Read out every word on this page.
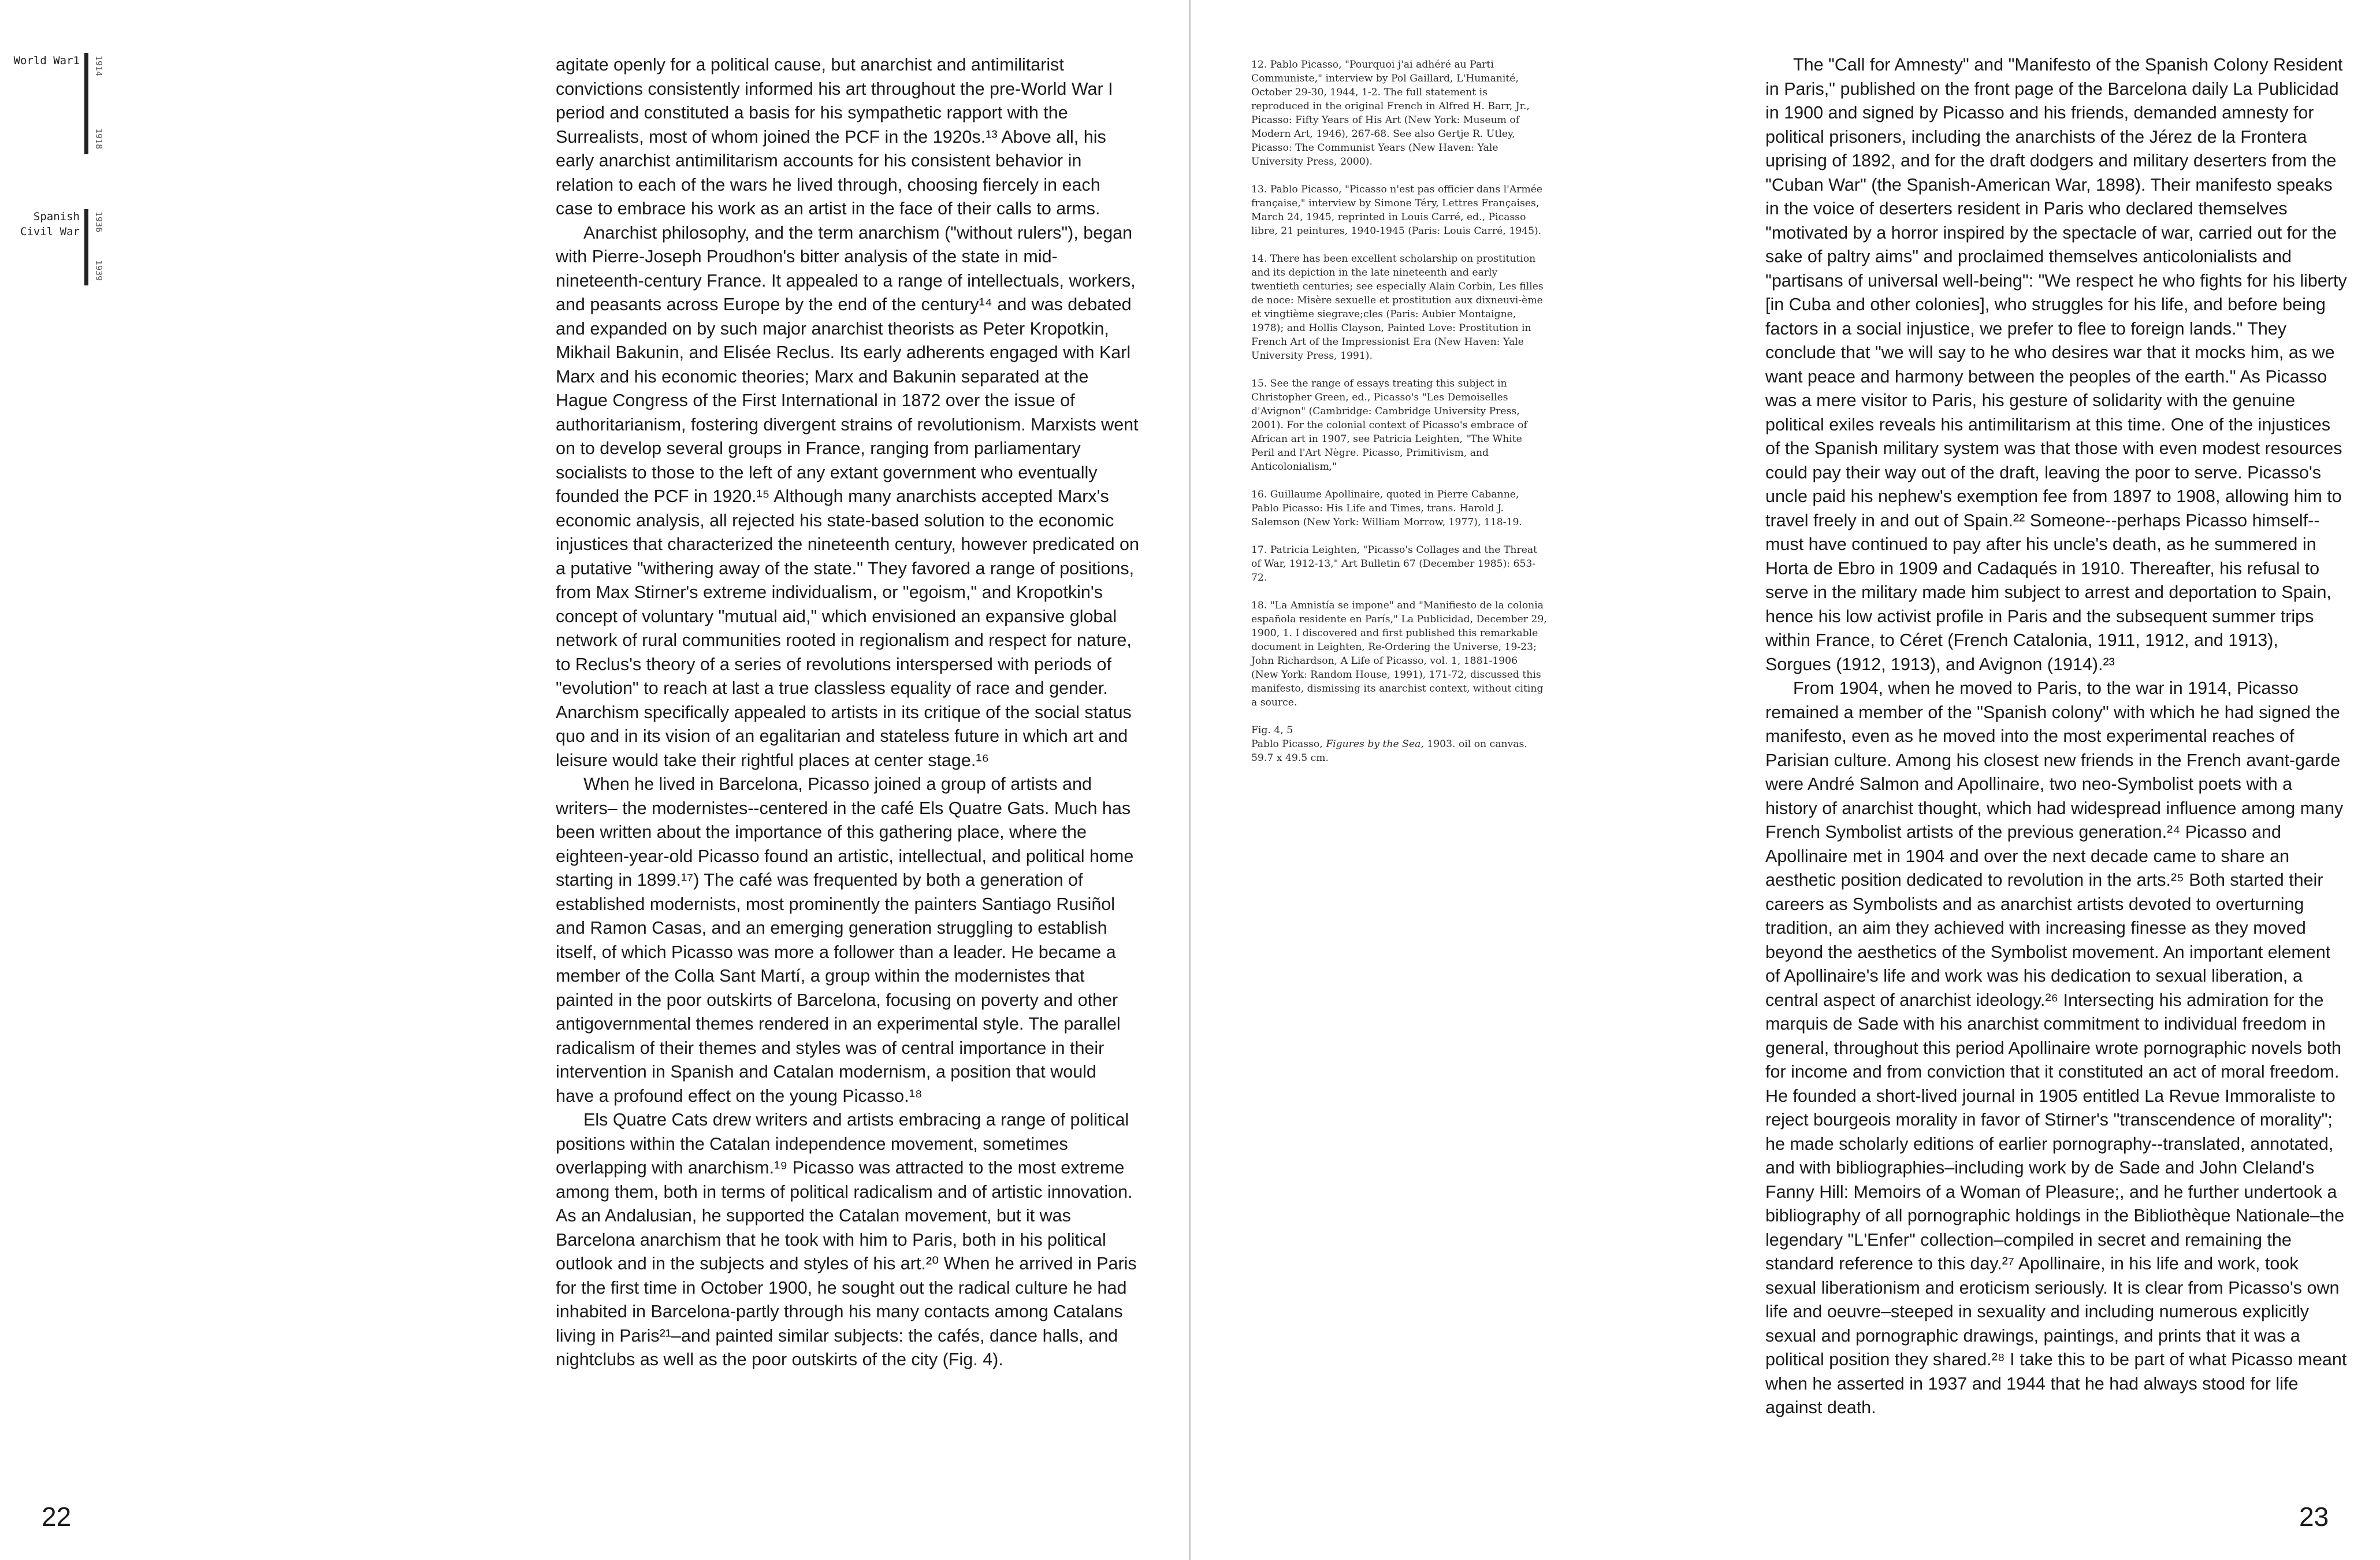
World War1 1914
1918
Spanish Civil War 1936
1939

agitate openly for a political cause, but anarchist and antimilitarist convictions consistently informed his art throughout the pre-World War I period and constituted a basis for his sympathetic rapport with the Surrealists, most of whom joined the PCF in the 1920s.¹³ Above all, his early anarchist antimilitarism accounts for his consistent behavior in relation to each of the wars he lived through, choosing fiercely in each case to embrace his work as an artist in the face of their calls to arms.

Anarchist philosophy, and the term anarchism ("without rulers"), began with Pierre-Joseph Proudhon's bitter analysis of the state in mid-nineteenth-century France. It appealed to a range of intellectuals, workers, and peasants across Europe by the end of the century¹⁴ and was debated and expanded on by such major anarchist theorists as Peter Kropotkin, Mikhail Bakunin, and Elisée Reclus. Its early adherents engaged with Karl Marx and his economic theories; Marx and Bakunin separated at the Hague Congress of the First International in 1872 over the issue of authoritarianism, fostering divergent strains of revolutionism. Marxists went on to develop several groups in France, ranging from parliamentary socialists to those to the left of any extant government who eventually founded the PCF in 1920.¹⁵ Although many anarchists accepted Marx's economic analysis, all rejected his state-based solution to the economic injustices that characterized the nineteenth century, however predicated on a putative "withering away of the state." They favored a range of positions, from Max Stirner's extreme individualism, or "egoism," and Kropotkin's concept of voluntary "mutual aid," which envisioned an expansive global network of rural communities rooted in regionalism and respect for nature, to Reclus's theory of a series of revolutions interspersed with periods of "evolution" to reach at last a true classless equality of race and gender. Anarchism specifically appealed to artists in its critique of the social status quo and in its vision of an egalitarian and stateless future in which art and leisure would take their rightful places at center stage.¹⁶

When he lived in Barcelona, Picasso joined a group of artists and writers– the modernistes--centered in the café Els Quatre Gats. Much has been written about the importance of this gathering place, where the eighteen-year-old Picasso found an artistic, intellectual, and political home starting in 1899.¹⁷) The café was frequented by both a generation of established modernists, most prominently the painters Santiago Rusiñol and Ramon Casas, and an emerging generation struggling to establish itself, of which Picasso was more a follower than a leader. He became a member of the Colla Sant Martí, a group within the modernistes that painted in the poor outskirts of Barcelona, focusing on poverty and other antigovernmental themes rendered in an experimental style. The parallel radicalism of their themes and styles was of central importance in their intervention in Spanish and Catalan modernism, a position that would have a profound effect on the young Picasso.¹⁸

Els Quatre Cats drew writers and artists embracing a range of political positions within the Catalan independence movement, sometimes overlapping with anarchism.¹⁹ Picasso was attracted to the most extreme among them, both in terms of political radicalism and of artistic innovation. As an Andalusian, he supported the Catalan movement, but it was Barcelona anarchism that he took with him to Paris, both in his political outlook and in the subjects and styles of his art.²⁰ When he arrived in Paris for the first time in October 1900, he sought out the radical culture he had inhabited in Barcelona-partly through his many contacts among Catalans living in Paris²¹–and painted similar subjects: the cafés, dance halls, and nightclubs as well as the poor outskirts of the city (Fig. 4).

12. Pablo Picasso, "Pourquoi j'ai adhéré au Parti Communiste," interview by Pol Gaillard, L'Humanité, October 29-30, 1944, 1-2. The full statement is reproduced in the original French in Alfred H. Barr, Jr., Picasso: Fifty Years of His Art (New York: Museum of Modern Art, 1946), 267-68. See also Gertje R. Utley, Picasso: The Communist Years (New Haven: Yale University Press, 2000).

13. Pablo Picasso, "Picasso n'est pas officier dans l'Armée française," interview by Simone Téry, Lettres Françaises, March 24, 1945, reprinted in Louis Carré, ed., Picasso libre, 21 peintures, 1940-1945 (Paris: Louis Carré, 1945).

14. There has been excellent scholarship on prostitution and its depiction in the late nineteenth and early twentieth centuries; see especially Alain Corbin, Les filles de noce: Misère sexuelle et prostitution aux dixneuvi-ème et vingtième siegrave;cles (Paris: Aubier Montaigne, 1978); and Hollis Clayson, Painted Love: Prostitution in French Art of the Impressionist Era (New Haven: Yale University Press, 1991).

15. See the range of essays treating this subject in Christopher Green, ed., Picasso's "Les Demoiselles d'Avignon" (Cambridge: Cambridge University Press, 2001). For the colonial context of Picasso's embrace of African art in 1907, see Patricia Leighten, "The White Peril and l'Art Nègre. Picasso, Primitivism, and Anticolonialism,"

16. Guillaume Apollinaire, quoted in Pierre Cabanne, Pablo Picasso: His Life and Times, trans. Harold J. Salemson (New York: William Morrow, 1977), 118-19.

17. Patricia Leighten, "Picasso's Collages and the Threat of War, 1912-13," Art Bulletin 67 (December 1985): 653-72.

18. "La Amnistía se impone" and "Manifiesto de la colonia española residente en París," La Publicidad, December 29, 1900, 1. I discovered and first published this remarkable document in Leighten, Re-Ordering the Universe, 19-23; John Richardson, A Life of Picasso, vol. 1, 1881-1906 (New York: Random House, 1991), 171-72, discussed this manifesto, dismissing its anarchist context, without citing a source.

Fig. 4, 5
Pablo Picasso, Figures by the Sea, 1903. oil on canvas.
59.7 x 49.5 cm.

The "Call for Amnesty" and "Manifesto of the Spanish Colony Resident in Paris," published on the front page of the Barcelona daily La Publicidad in 1900 and signed by Picasso and his friends, demanded amnesty for political prisoners, including the anarchists of the Jérez de la Frontera uprising of 1892, and for the draft dodgers and military deserters from the "Cuban War" (the Spanish-American War, 1898). Their manifesto speaks in the voice of deserters resident in Paris who declared themselves "motivated by a horror inspired by the spectacle of war, carried out for the sake of paltry aims" and proclaimed themselves anticolonialists and "partisans of universal well-being": "We respect he who fights for his liberty [in Cuba and other colonies], who struggles for his life, and before being factors in a social injustice, we prefer to flee to foreign lands." They conclude that "we will say to he who desires war that it mocks him, as we want peace and harmony between the peoples of the earth." As Picasso was a mere visitor to Paris, his gesture of solidarity with the genuine political exiles reveals his antimilitarism at this time. One of the injustices of the Spanish military system was that those with even modest resources could pay their way out of the draft, leaving the poor to serve. Picasso's uncle paid his nephew's exemption fee from 1897 to 1908, allowing him to travel freely in and out of Spain.²² Someone--perhaps Picasso himself--must have continued to pay after his uncle's death, as he summered in Horta de Ebro in 1909 and Cadaqués in 1910. Thereafter, his refusal to serve in the military made him subject to arrest and deportation to Spain, hence his low activist profile in Paris and the subsequent summer trips within France, to Céret (French Catalonia, 1911, 1912, and 1913), Sorgues (1912, 1913), and Avignon (1914).²³

From 1904, when he moved to Paris, to the war in 1914, Picasso remained a member of the "Spanish colony" with which he had signed the manifesto, even as he moved into the most experimental reaches of Parisian culture. Among his closest new friends in the French avant-garde were André Salmon and Apollinaire, two neo-Symbolist poets with a history of anarchist thought, which had widespread influence among many French Symbolist artists of the previous generation.²⁴ Picasso and Apollinaire met in 1904 and over the next decade came to share an aesthetic position dedicated to revolution in the arts.²⁵ Both started their careers as Symbolists and as anarchist artists devoted to overturning tradition, an aim they achieved with increasing finesse as they moved beyond the aesthetics of the Symbolist movement. An important element of Apollinaire's life and work was his dedication to sexual liberation, a central aspect of anarchist ideology.²⁶ Intersecting his admiration for the marquis de Sade with his anarchist commitment to individual freedom in general, throughout this period Apollinaire wrote pornographic novels both for income and from conviction that it constituted an act of moral freedom. He founded a short-lived journal in 1905 entitled La Revue Immoraliste to reject bourgeois morality in favor of Stirner's "transcendence of morality"; he made scholarly editions of earlier pornography--translated, annotated, and with bibliographies–including work by de Sade and John Cleland's Fanny Hill: Memoirs of a Woman of Pleasure;, and he further undertook a bibliography of all pornographic holdings in the Bibliothèque Nationale–the legendary "L'Enfer" collection–compiled in secret and remaining the standard reference to this day.²⁷ Apollinaire, in his life and work, took sexual liberationism and eroticism seriously. It is clear from Picasso's own life and oeuvre–steeped in sexuality and including numerous explicitly sexual and pornographic drawings, paintings, and prints that it was a political position they shared.²⁸ I take this to be part of what Picasso meant when he asserted in 1937 and 1944 that he had always stood for life against death.

22	23
